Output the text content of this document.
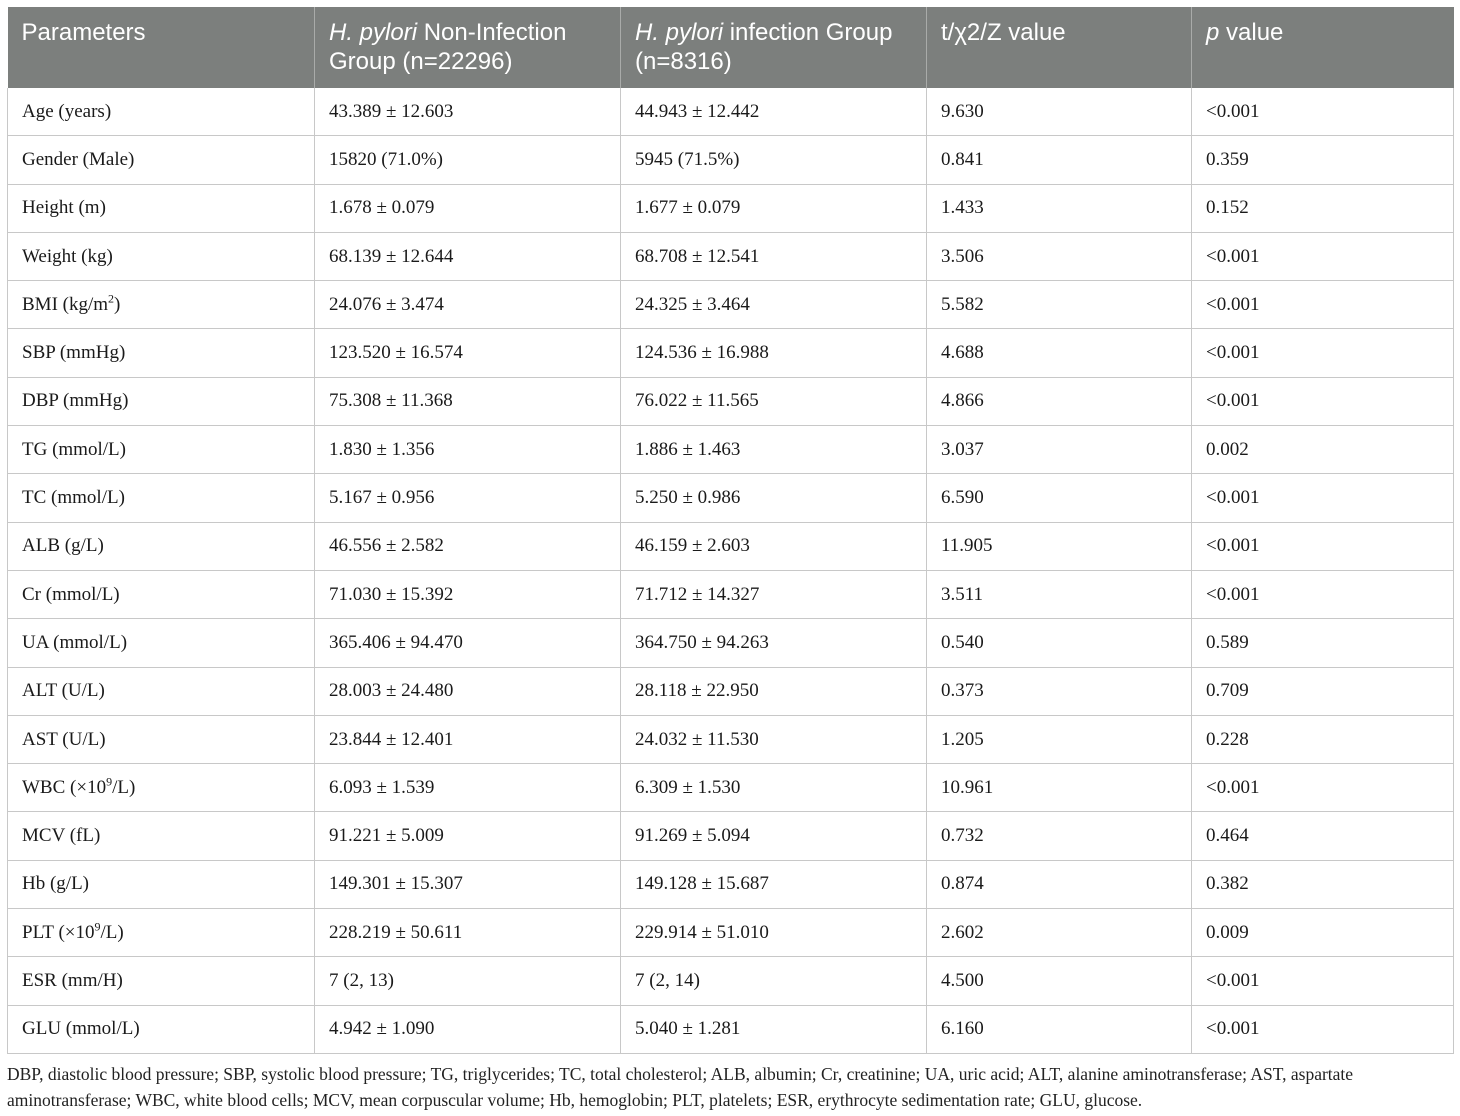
Parameters	H. pylori Non-Infection Group (n=22296)	H. pylori infection Group (n=8316)	t/χ2/Z value	p value
Age (years)	43.389 ± 12.603	44.943 ± 12.442	9.630	<0.001
Gender (Male)	15820 (71.0%)	5945 (71.5%)	0.841	0.359
Height (m)	1.678 ± 0.079	1.677 ± 0.079	1.433	0.152
Weight (kg)	68.139 ± 12.644	68.708 ± 12.541	3.506	<0.001
BMI $(kg/m^2)$	24.076 ± 3.474	24.325 ± 3.464	5.582	<0.001
SBP (mmHg)	123.520 ± 16.574	124.536 ± 16.988	4.688	<0.001
DBP (mmHg)	75.308 ± 11.368	76.022 ± 11.565	4.866	<0.001
TG (mmol/L)	1.830 ± 1.356	1.886 ± 1.463	3.037	0.002
TC (mmol/L)	5.167 ± 0.956	5.250 ± 0.986	6.590	<0.001
ALB (g/L)	46.556 ± 2.582	46.159 ± 2.603	11.905	<0.001
Cr (mmol/L)	71.030 ± 15.392	71.712 ± 14.327	3.511	<0.001
UA (mmol/L)	365.406 ± 94.470	364.750 ± 94.263	0.540	0.589
ALT (U/L)	28.003 ± 24.480	28.118 ± 22.950	0.373	0.709
AST (U/L)	23.844 ± 12.401	24.032 ± 11.530	1.205	0.228
WBC $(\times 10^9/L)$	6.093 ± 1.539	6.309 ± 1.530	10.961	<0.001
MCV (fL)	91.221 ± 5.009	91.269 ± 5.094	0.732	0.464
Hb (g/L)	149.301 ± 15.307	149.128 ± 15.687	0.874	0.382
PLT $(\times 10^9/L)$	228.219 ± 50.611	229.914 ± 51.010	2.602	0.009
ESR (mm/H)	7 (2, 13)	7 (2, 14)	4.500	<0.001
GLU (mmol/L)	4.942 ± 1.090	5.040 ± 1.281	6.160	<0.001
DBP, diastolic blood pressure; SBP, systolic blood pressure; TG, triglycerides; TC, total cholesterol; ALB, albumin; Cr, creatinine; UA, uric acid; ALT, alanine aminotransferase; AST, aspartate aminotransferase; WBC, white blood cells; MCV, mean corpuscular volume; Hb, hemoglobin; PLT, platelets; ESR, erythrocyte sedimentation rate; GLU, glucose.
